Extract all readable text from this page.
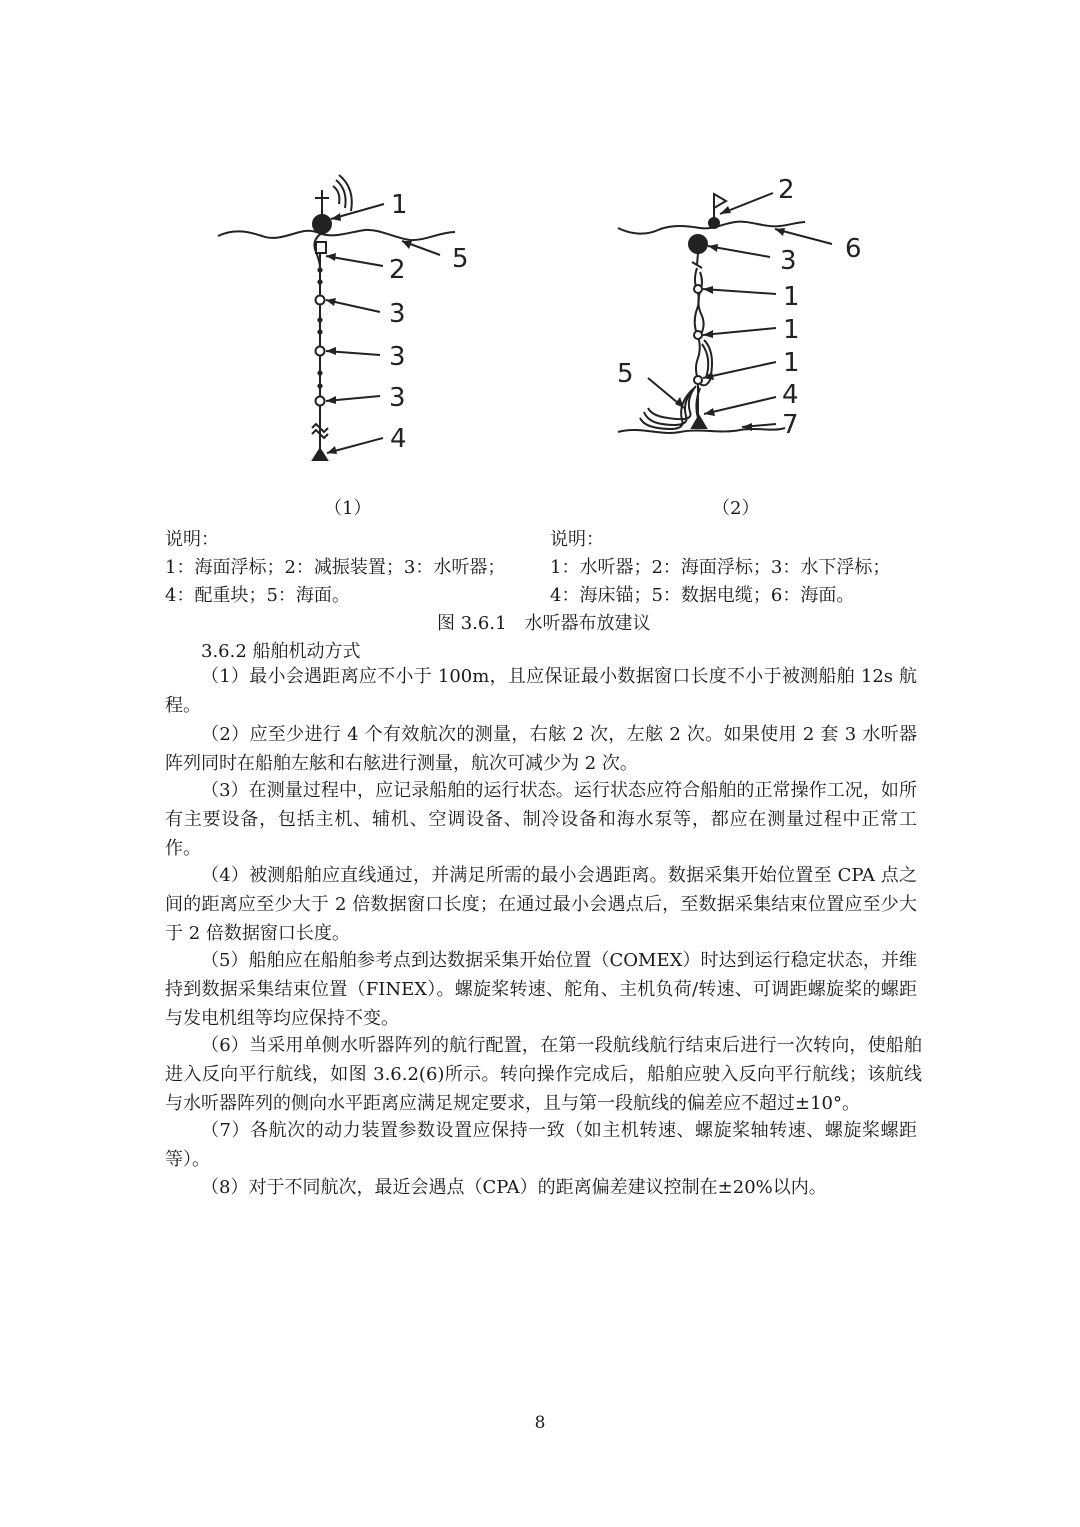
1
2
3
3
3
4
5
2
6
3
1
1
1
5
4
7
（1）	（2）
说明：
1：海面浮标；2：减振装置；3：水听器；
4：配重块；5：海面。
说明：
1：水听器；2：海面浮标；3：水下浮标；
4：海床锚；5：数据电缆；6：海面。
图 3.6.1　水听器布放建议
3.6.2 船舶机动方式

（1）最小会遇距离应不小于 100m，且应保证最小数据窗口长度不小于被测船舶 12s 航程。

（2）应至少进行 4 个有效航次的测量，右舷 2 次，左舷 2 次。如果使用 2 套 3 水听器阵列同时在船舶左舷和右舷进行测量，航次可减少为 2 次。

（3）在测量过程中，应记录船舶的运行状态。运行状态应符合船舶的正常操作工况，如所有主要设备，包括主机、辅机、空调设备、制冷设备和海水泵等，都应在测量过程中正常工作。

（4）被测船舶应直线通过，并满足所需的最小会遇距离。数据采集开始位置至 CPA 点之间的距离应至少大于 2 倍数据窗口长度；在通过最小会遇点后，至数据采集结束位置应至少大于 2 倍数据窗口长度。

（5）船舶应在船舶参考点到达数据采集开始位置（COMEX）时达到运行稳定状态，并维持到数据采集结束位置（FINEX）。螺旋桨转速、舵角、主机负荷/转速、可调距螺旋桨的螺距与发电机组等均应保持不变。

（6）当采用单侧水听器阵列的航行配置，在第一段航线航行结束后进行一次转向，使船舶进入反向平行航线，如图 3.6.2(6)所示。转向操作完成后，船舶应驶入反向平行航线；该航线与水听器阵列的侧向水平距离应满足规定要求，且与第一段航线的偏差应不超过±10°。

（7）各航次的动力装置参数设置应保持一致（如主机转速、螺旋桨轴转速、螺旋桨螺距等）。

（8）对于不同航次，最近会遇点（CPA）的距离偏差建议控制在±20%以内。

8
